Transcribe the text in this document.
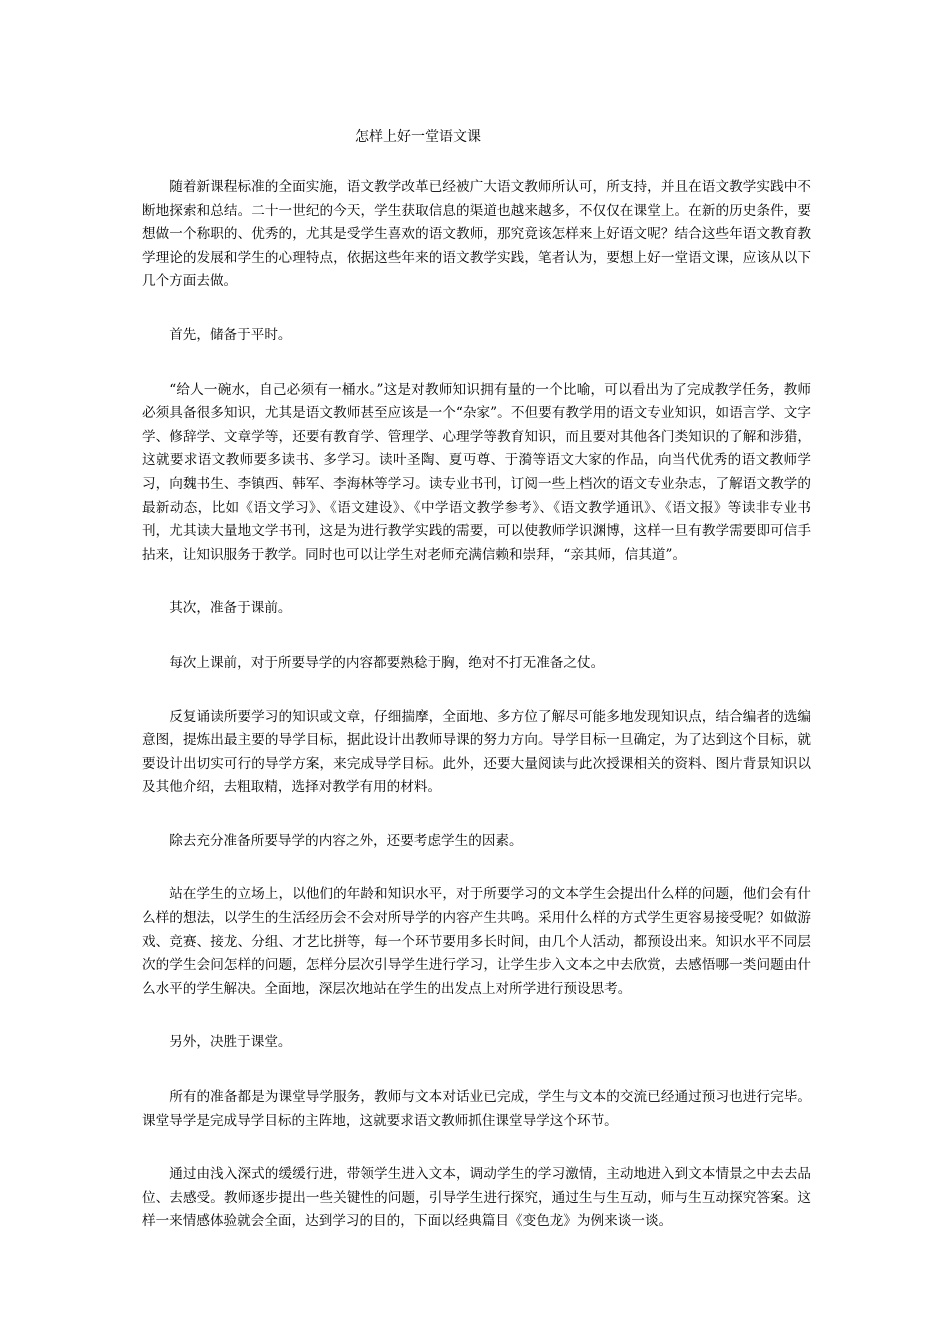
怎样上好一堂语文课

随着新课程标准的全面实施，语文教学改革已经被广大语文教师所认可，所支持，并且在语文教学实践中不断地探索和总结。二十一世纪的今天，学生获取信息的渠道也越来越多，不仅仅在课堂上。在新的历史条件，要想做一个称职的、优秀的，尤其是受学生喜欢的语文教师，那究竟该怎样来上好语文呢？结合这些年语文教育教学理论的发展和学生的心理特点，依据这些年来的语文教学实践，笔者认为，要想上好一堂语文课，应该从以下几个方面去做。

首先，储备于平时。

“给人一碗水，自己必须有一桶水。”这是对教师知识拥有量的一个比喻，可以看出为了完成教学任务，教师必须具备很多知识，尤其是语文教师甚至应该是一个“杂家”。不但要有教学用的语文专业知识，如语言学、文字学、修辞学、文章学等，还要有教育学、管理学、心理学等教育知识，而且要对其他各门类知识的了解和涉猎，这就要求语文教师要多读书、多学习。读叶圣陶、夏丏尊、于漪等语文大家的作品，向当代优秀的语文教师学习，向魏书生、李镇西、韩军、李海林等学习。读专业书刊，订阅一些上档次的语文专业杂志，了解语文教学的最新动态，比如《语文学习》、《语文建设》、《中学语文教学参考》、《语文教学通讯》、《语文报》等读非专业书刊，尤其读大量地文学书刊，这是为进行教学实践的需要，可以使教师学识渊博，这样一旦有教学需要即可信手拈来，让知识服务于教学。同时也可以让学生对老师充满信赖和崇拜，“亲其师，信其道”。

其次，准备于课前。

每次上课前，对于所要导学的内容都要熟稔于胸，绝对不打无准备之仗。

反复诵读所要学习的知识或文章，仔细揣摩，全面地、多方位了解尽可能多地发现知识点，结合编者的选编意图，提炼出最主要的导学目标，据此设计出教师导课的努力方向。导学目标一旦确定，为了达到这个目标，就要设计出切实可行的导学方案，来完成导学目标。此外，还要大量阅读与此次授课相关的资料、图片背景知识以及其他介绍，去粗取精，选择对教学有用的材料。

除去充分准备所要导学的内容之外，还要考虑学生的因素。

站在学生的立场上，以他们的年龄和知识水平，对于所要学习的文本学生会提出什么样的问题，他们会有什么样的想法，以学生的生活经历会不会对所导学的内容产生共鸣。采用什么样的方式学生更容易接受呢？如做游戏、竞赛、接龙、分组、才艺比拼等，每一个环节要用多长时间，由几个人活动，都预设出来。知识水平不同层次的学生会问怎样的问题，怎样分层次引导学生进行学习，让学生步入文本之中去欣赏，去感悟哪一类问题由什么水平的学生解决。全面地，深层次地站在学生的出发点上对所学进行预设思考。

另外，决胜于课堂。

所有的准备都是为课堂导学服务，教师与文本对话业已完成，学生与文本的交流已经通过预习也进行完毕。课堂导学是完成导学目标的主阵地，这就要求语文教师抓住课堂导学这个环节。

通过由浅入深式的缓缓行进，带领学生进入文本，调动学生的学习激情，主动地进入到文本情景之中去去品位、去感受。教师逐步提出一些关键性的问题，引导学生进行探究，通过生与生互动，师与生互动探究答案。这样一来情感体验就会全面，达到学习的目的，下面以经典篇目《变色龙》为例来谈一谈。
